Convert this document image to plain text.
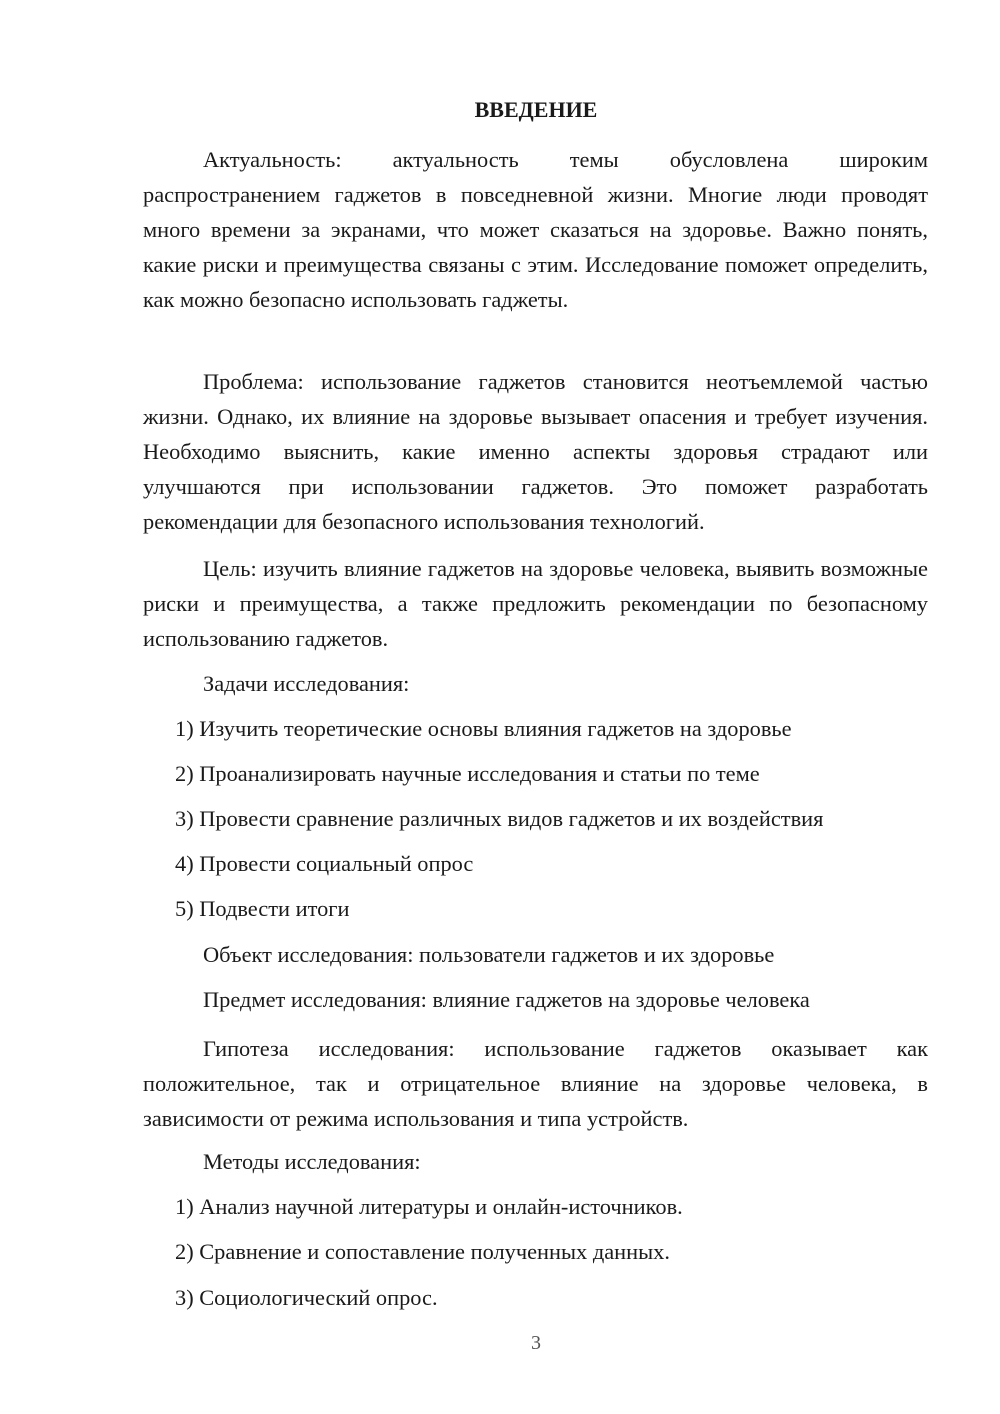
ВВЕДЕНИЕ

Актуальность: актуальность темы обусловлена широким распространением гаджетов в повседневной жизни. Многие люди проводят много времени за экранами, что может сказаться на здоровье. Важно понять, какие риски и преимущества связаны с этим. Исследование поможет определить, как можно безопасно использовать гаджеты.

Проблема: использование гаджетов становится неотъемлемой частью жизни. Однако, их влияние на здоровье вызывает опасения и требует изучения. Необходимо выяснить, какие именно аспекты здоровья страдают или улучшаются при использовании гаджетов. Это поможет разработать рекомендации для безопасного использования технологий.

Цель: изучить влияние гаджетов на здоровье человека, выявить возможные риски и преимущества, а также предложить рекомендации по безопасному использованию гаджетов.

Задачи исследования:

1) Изучить теоретические основы влияния гаджетов на здоровье

2) Проанализировать научные исследования и статьи по теме

3) Провести сравнение различных видов гаджетов и их воздействия

4) Провести социальный опрос

5) Подвести итоги

Объект исследования: пользователи гаджетов и их здоровье

Предмет исследования: влияние гаджетов на здоровье человека

Гипотеза исследования: использование гаджетов оказывает как положительное, так и отрицательное влияние на здоровье человека, в зависимости от режима использования и типа устройств.

Методы исследования:

1) Анализ научной литературы и онлайн-источников.

2) Сравнение и сопоставление полученных данных.

3) Социологический опрос.

3
